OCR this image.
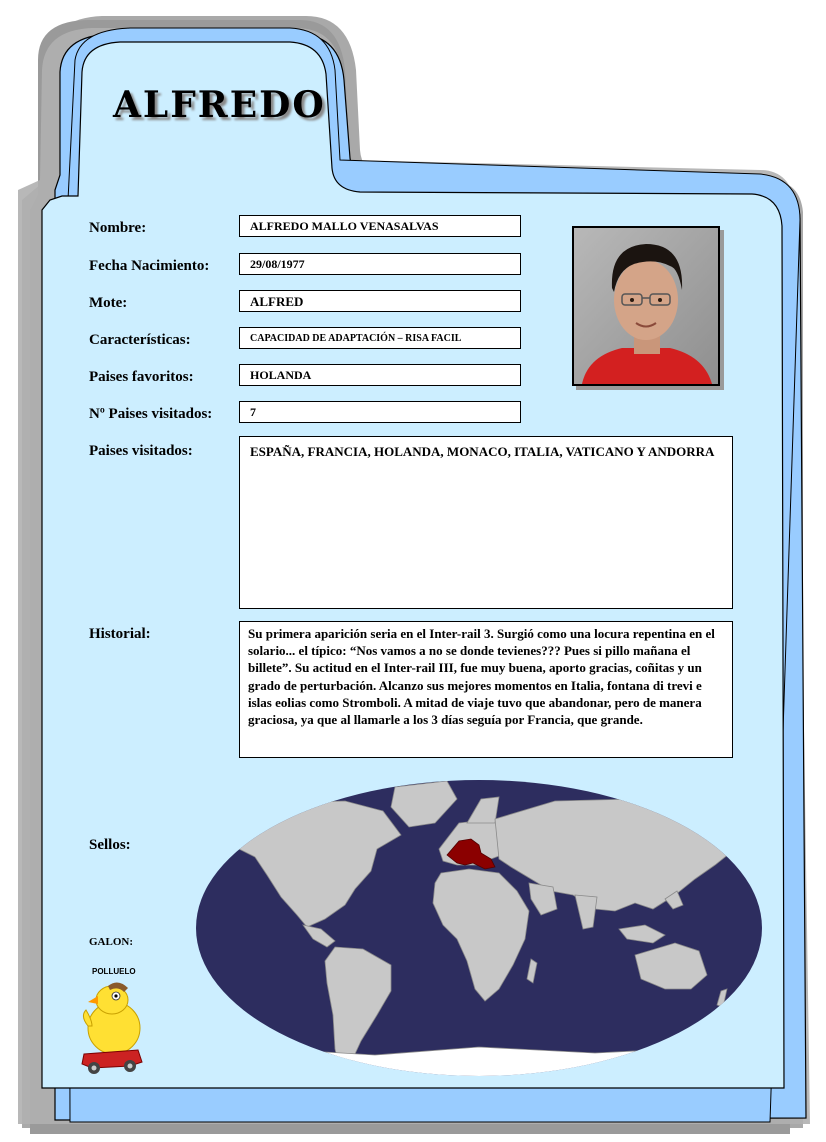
ALFREDO
Nombre:	ALFREDO MALLO VENASALVAS
Fecha Nacimiento:	29/08/1977
Mote:	ALFRED
Características:	CAPACIDAD DE ADAPTACIÓN – RISA FACIL
Paises favoritos:	HOLANDA
Nº Paises visitados:	7
Paises visitados:	ESPAÑA, FRANCIA, HOLANDA, MONACO, ITALIA, VATICANO Y ANDORRA
Historial:	Su primera aparición seria en el Inter-rail 3. Surgió como una locura repentina en el solario... el típico: “Nos vamos a no se donde tevienes??? Pues si pillo mañana el billete”. Su actitud en el Inter-rail III, fue muy buena, aporto gracias, coñitas y un grado de perturbación. Alcanzo sus mejores momentos en Italia, fontana di trevi e islas eolias como Stromboli. A mitad de viaje tuvo que abandonar, pero de manera graciosa, ya que al llamarle a los 3 días seguía por Francia, que grande.
Sellos:
GALON:
POLLUELO
